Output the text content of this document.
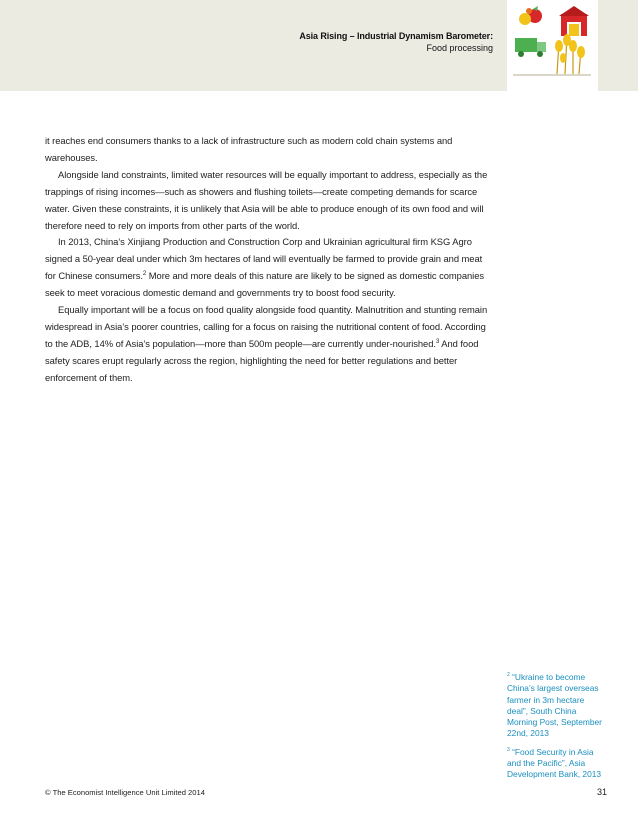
Asia Rising – Industrial Dynamism Barometer:
Food processing

it reaches end consumers thanks to a lack of infrastructure such as modern cold chain systems and warehouses.

Alongside land constraints, limited water resources will be equally important to address, especially as the trappings of rising incomes—such as showers and flushing toilets—create competing demands for scarce water. Given these constraints, it is unlikely that Asia will be able to produce enough of its own food and will therefore need to rely on imports from other parts of the world.

In 2013, China’s Xinjiang Production and Construction Corp and Ukrainian agricultural firm KSG Agro signed a 50-year deal under which 3m hectares of land will eventually be farmed to provide grain and meat for Chinese consumers.$^2$ More and more deals of this nature are likely to be signed as domestic companies seek to meet voracious domestic demand and governments try to boost food security.

Equally important will be a focus on food quality alongside food quantity. Malnutrition and stunting remain widespread in Asia’s poorer countries, calling for a focus on raising the nutritional content of food. According to the ADB, 14% of Asia’s population—more than 500m people—are currently under-nourished.$^3$ And food safety scares erupt regularly across the region, highlighting the need for better regulations and better enforcement of them.

$^2$ “Ukraine to become China’s largest overseas farmer in 3m hectare deal”, South China Morning Post, September 22nd, 2013
$^3$ “Food Security in Asia and the Pacific”, Asia Development Bank, 2013
© The Economist Intelligence Unit Limited 2014	31
